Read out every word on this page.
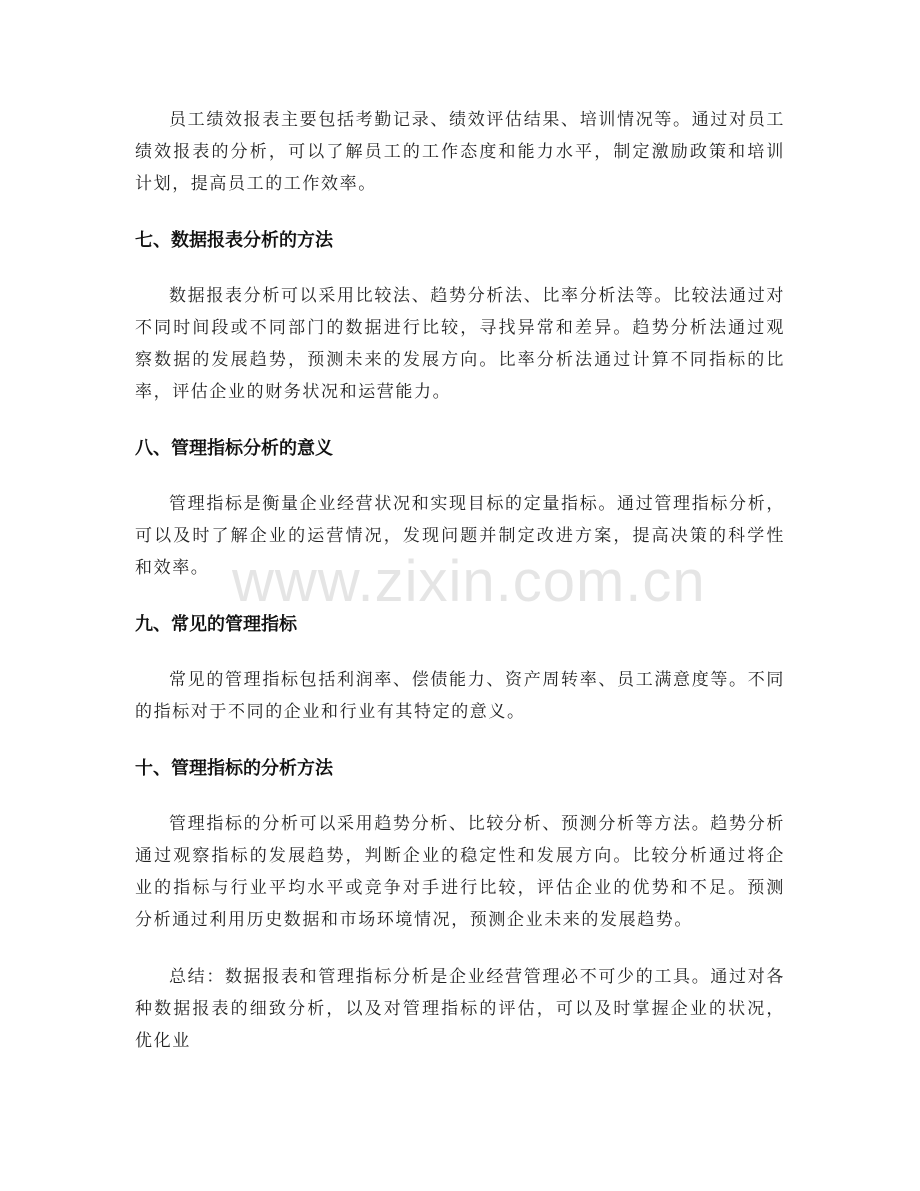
员工绩效报表主要包括考勤记录、绩效评估结果、培训情况等。通过对员工绩效报表的分析，可以了解员工的工作态度和能力水平，制定激励政策和培训计划，提高员工的工作效率。

七、数据报表分析的方法

数据报表分析可以采用比较法、趋势分析法、比率分析法等。比较法通过对不同时间段或不同部门的数据进行比较，寻找异常和差异。趋势分析法通过观察数据的发展趋势，预测未来的发展方向。比率分析法通过计算不同指标的比率，评估企业的财务状况和运营能力。

八、管理指标分析的意义

管理指标是衡量企业经营状况和实现目标的定量指标。通过管理指标分析，可以及时了解企业的运营情况，发现问题并制定改进方案，提高决策的科学性和效率。

九、常见的管理指标

常见的管理指标包括利润率、偿债能力、资产周转率、员工满意度等。不同的指标对于不同的企业和行业有其特定的意义。

十、管理指标的分析方法

管理指标的分析可以采用趋势分析、比较分析、预测分析等方法。趋势分析通过观察指标的发展趋势，判断企业的稳定性和发展方向。比较分析通过将企业的指标与行业平均水平或竞争对手进行比较，评估企业的优势和不足。预测分析通过利用历史数据和市场环境情况，预测企业未来的发展趋势。

总结：数据报表和管理指标分析是企业经营管理必不可少的工具。通过对各种数据报表的细致分析，以及对管理指标的评估，可以及时掌握企业的状况，优化业

www.zixin.com.cn
